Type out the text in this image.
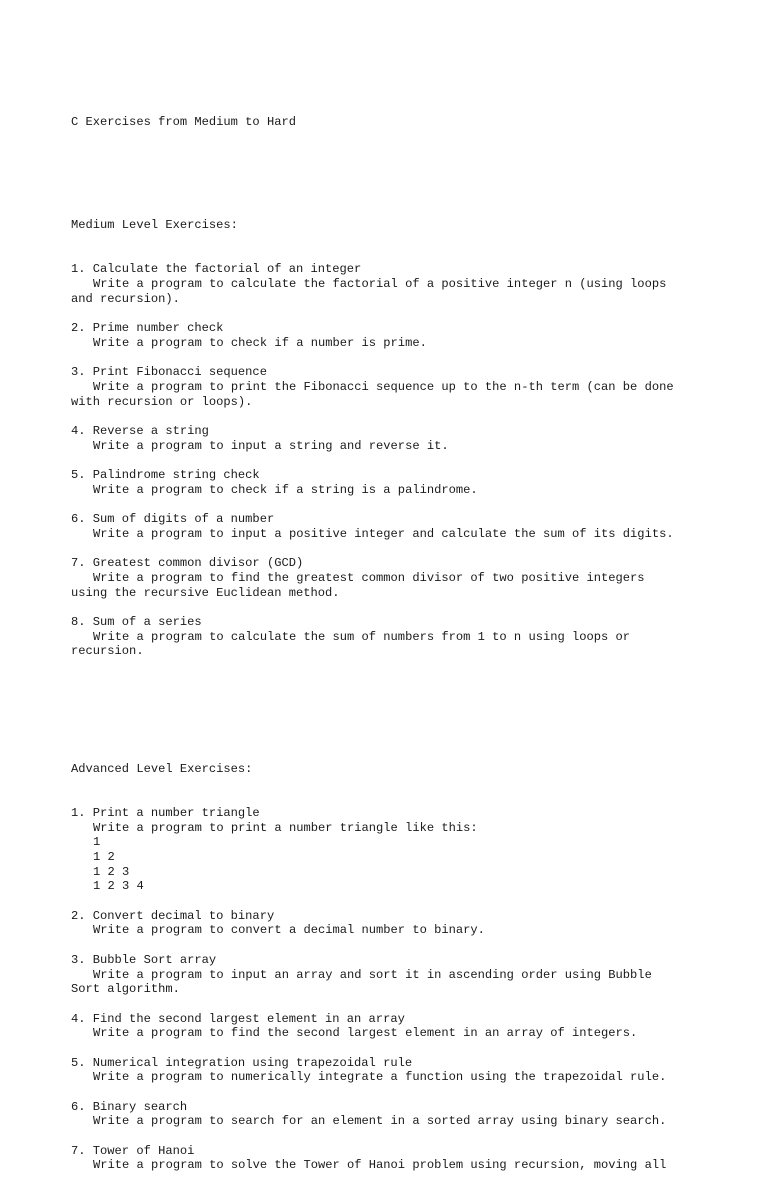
C Exercises from Medium to Hard

Medium Level Exercises:

1. Calculate the factorial of an integer
Write a program to calculate the factorial of a positive integer n (using loops
and recursion).
2. Prime number check
Write a program to check if a number is prime.
3. Print Fibonacci sequence
Write a program to print the Fibonacci sequence up to the n-th term (can be done
with recursion or loops).
4. Reverse a string
Write a program to input a string and reverse it.
5. Palindrome string check
Write a program to check if a string is a palindrome.
6. Sum of digits of a number
Write a program to input a positive integer and calculate the sum of its digits.
7. Greatest common divisor (GCD)
Write a program to find the greatest common divisor of two positive integers
using the recursive Euclidean method.
8. Sum of a series
Write a program to calculate the sum of numbers from 1 to n using loops or
recursion.

Advanced Level Exercises:

1. Print a number triangle
Write a program to print a number triangle like this:
1
1 2
1 2 3
1 2 3 4
2. Convert decimal to binary
Write a program to convert a decimal number to binary.
3. Bubble Sort array
Write a program to input an array and sort it in ascending order using Bubble
Sort algorithm.
4. Find the second largest element in an array
Write a program to find the second largest element in an array of integers.
5. Numerical integration using trapezoidal rule
Write a program to numerically integrate a function using the trapezoidal rule.
6. Binary search
Write a program to search for an element in a sorted array using binary search.
7. Tower of Hanoi
Write a program to solve the Tower of Hanoi problem using recursion, moving all
